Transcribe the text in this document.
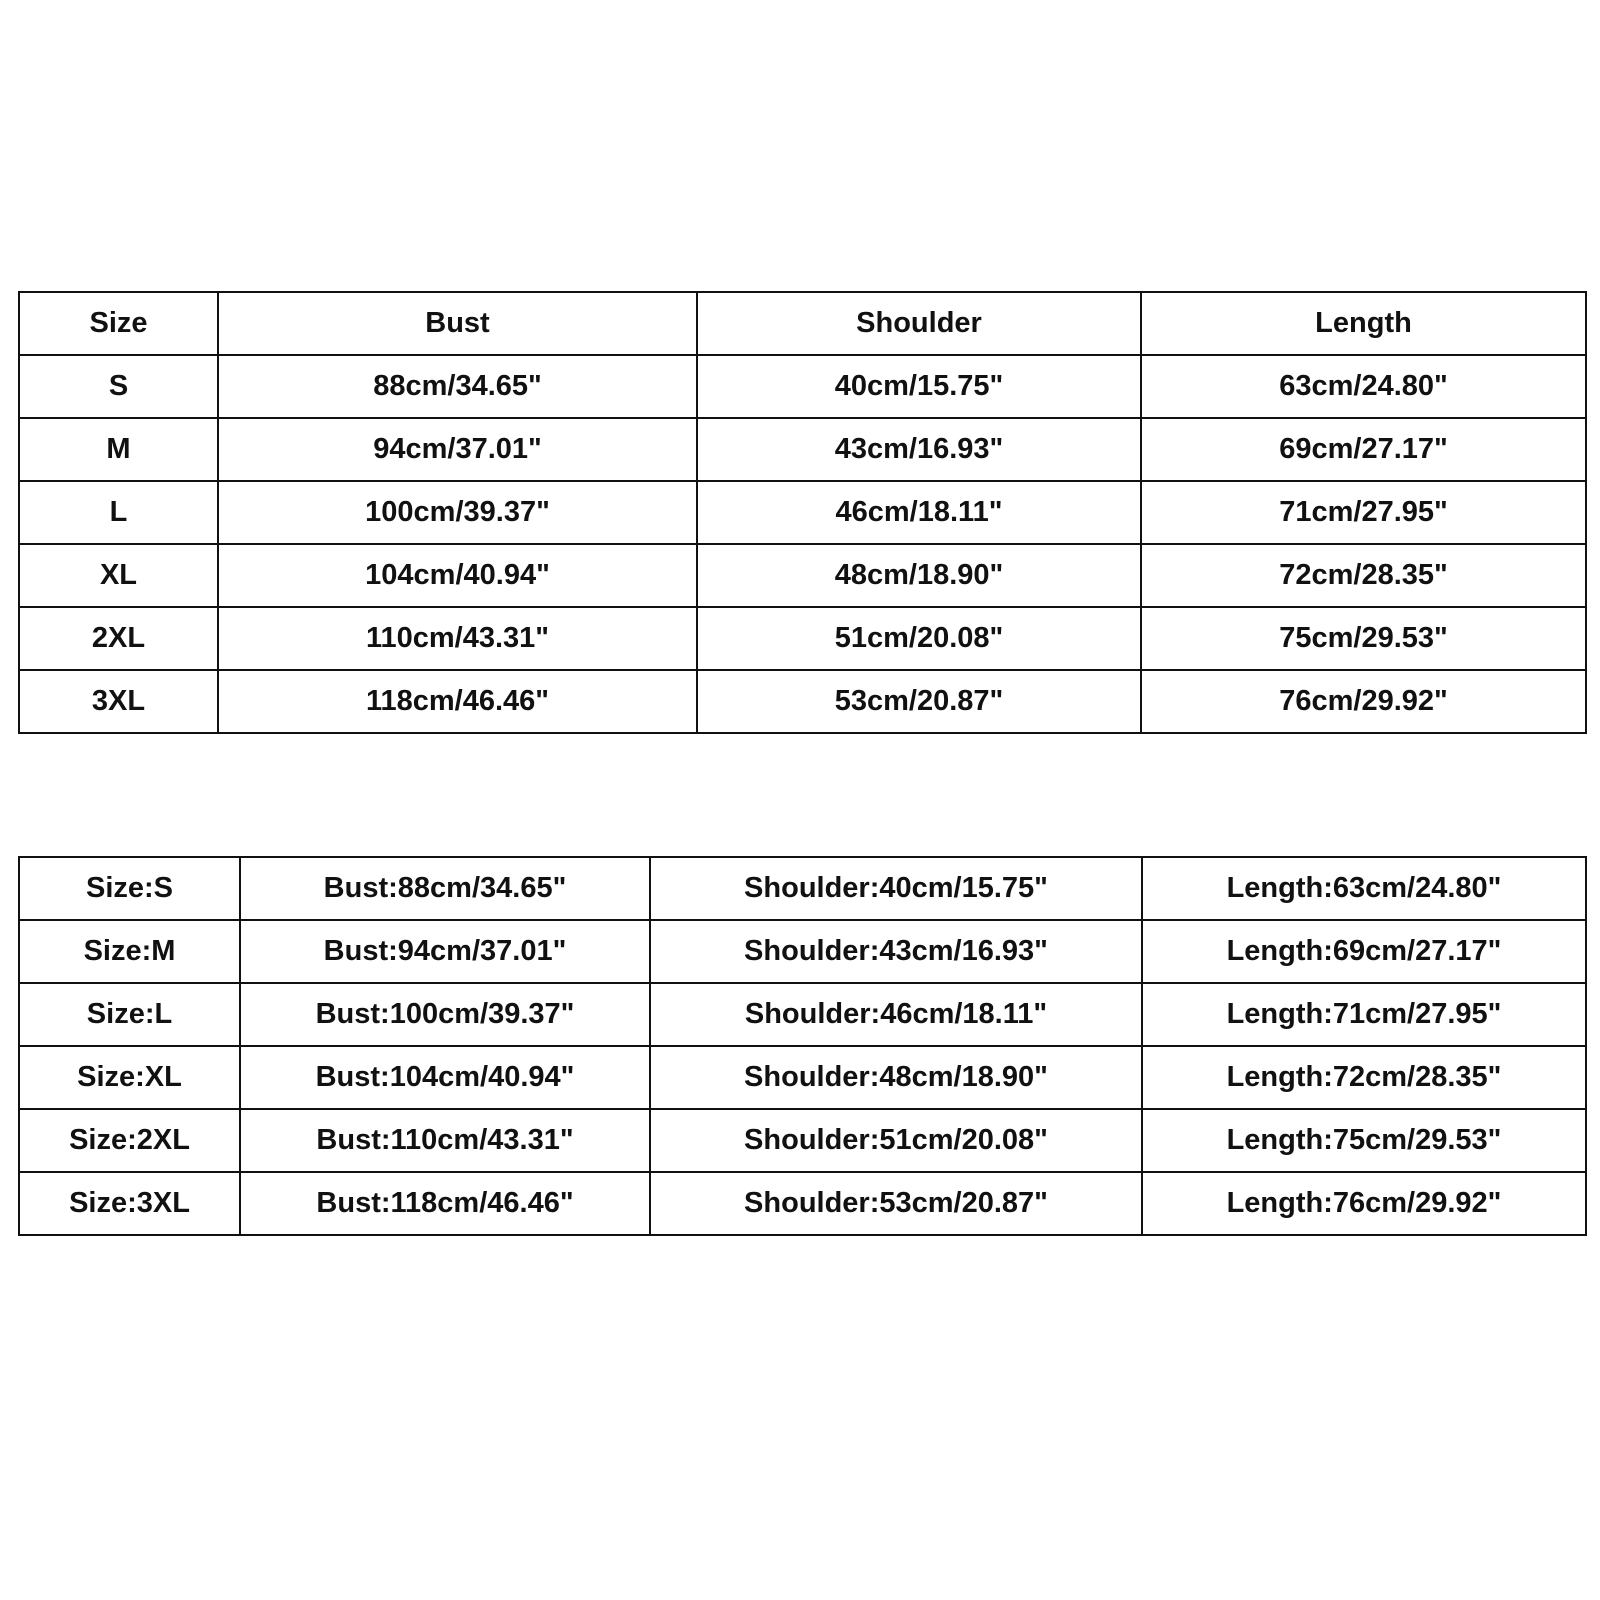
Size	Bust	Shoulder	Length
S	88cm/34.65"	40cm/15.75"	63cm/24.80"
M	94cm/37.01"	43cm/16.93"	69cm/27.17"
L	100cm/39.37"	46cm/18.11"	71cm/27.95"
XL	104cm/40.94"	48cm/18.90"	72cm/28.35"
2XL	110cm/43.31"	51cm/20.08"	75cm/29.53"
3XL	118cm/46.46"	53cm/20.87"	76cm/29.92"
Size:S	Bust:88cm/34.65"	Shoulder:40cm/15.75"	Length:63cm/24.80"
Size:M	Bust:94cm/37.01"	Shoulder:43cm/16.93"	Length:69cm/27.17"
Size:L	Bust:100cm/39.37"	Shoulder:46cm/18.11"	Length:71cm/27.95"
Size:XL	Bust:104cm/40.94"	Shoulder:48cm/18.90"	Length:72cm/28.35"
Size:2XL	Bust:110cm/43.31"	Shoulder:51cm/20.08"	Length:75cm/29.53"
Size:3XL	Bust:118cm/46.46"	Shoulder:53cm/20.87"	Length:76cm/29.92"
